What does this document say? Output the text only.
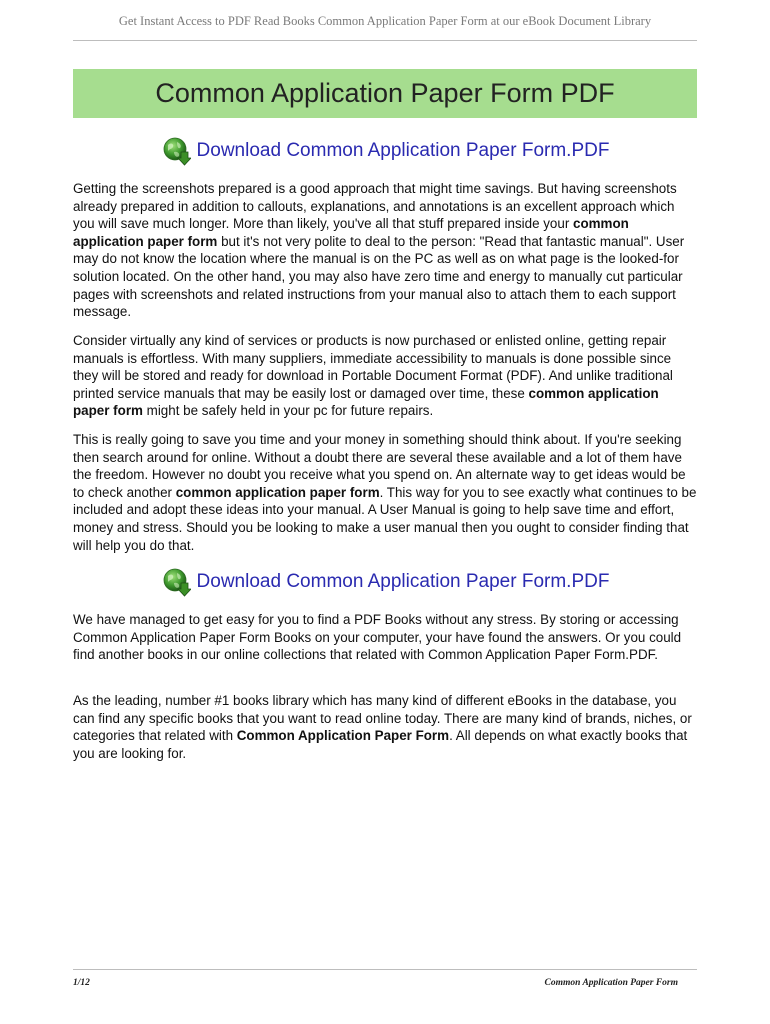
Get Instant Access to PDF Read Books Common Application Paper Form at our eBook Document Library
Common Application Paper Form PDF
Download Common Application Paper Form.PDF

Getting the screenshots prepared is a good approach that might time savings. But having screenshots already prepared in addition to callouts, explanations, and annotations is an excellent approach which you will save much longer. More than likely, you've all that stuff prepared inside your common application paper form but it's not very polite to deal to the person: "Read that fantastic manual". User may do not know the location where the manual is on the PC as well as on what page is the looked-for solution located. On the other hand, you may also have zero time and energy to manually cut particular pages with screenshots and related instructions from your manual also to attach them to each support message.

Consider virtually any kind of services or products is now purchased or enlisted online, getting repair manuals is effortless. With many suppliers, immediate accessibility to manuals is done possible since they will be stored and ready for download in Portable Document Format (PDF). And unlike traditional printed service manuals that may be easily lost or damaged over time, these common application paper form might be safely held in your pc for future repairs.

This is really going to save you time and your money in something should think about. If you're seeking then search around for online. Without a doubt there are several these available and a lot of them have the freedom. However no doubt you receive what you spend on. An alternate way to get ideas would be to check another common application paper form. This way for you to see exactly what continues to be included and adopt these ideas into your manual. A User Manual is going to help save time and effort, money and stress. Should you be looking to make a user manual then you ought to consider finding that will help you do that.

Download Common Application Paper Form.PDF

We have managed to get easy for you to find a PDF Books without any stress. By storing or accessing Common Application Paper Form Books on your computer, your have found the answers. Or you could find another books in our online collections that related with Common Application Paper Form.PDF.

As the leading, number #1 books library which has many kind of different eBooks in the database, you can find any specific books that you want to read online today. There are many kind of brands, niches, or categories that related with Common Application Paper Form. All depends on what exactly books that you are looking for.

1/12	Common Application Paper Form
